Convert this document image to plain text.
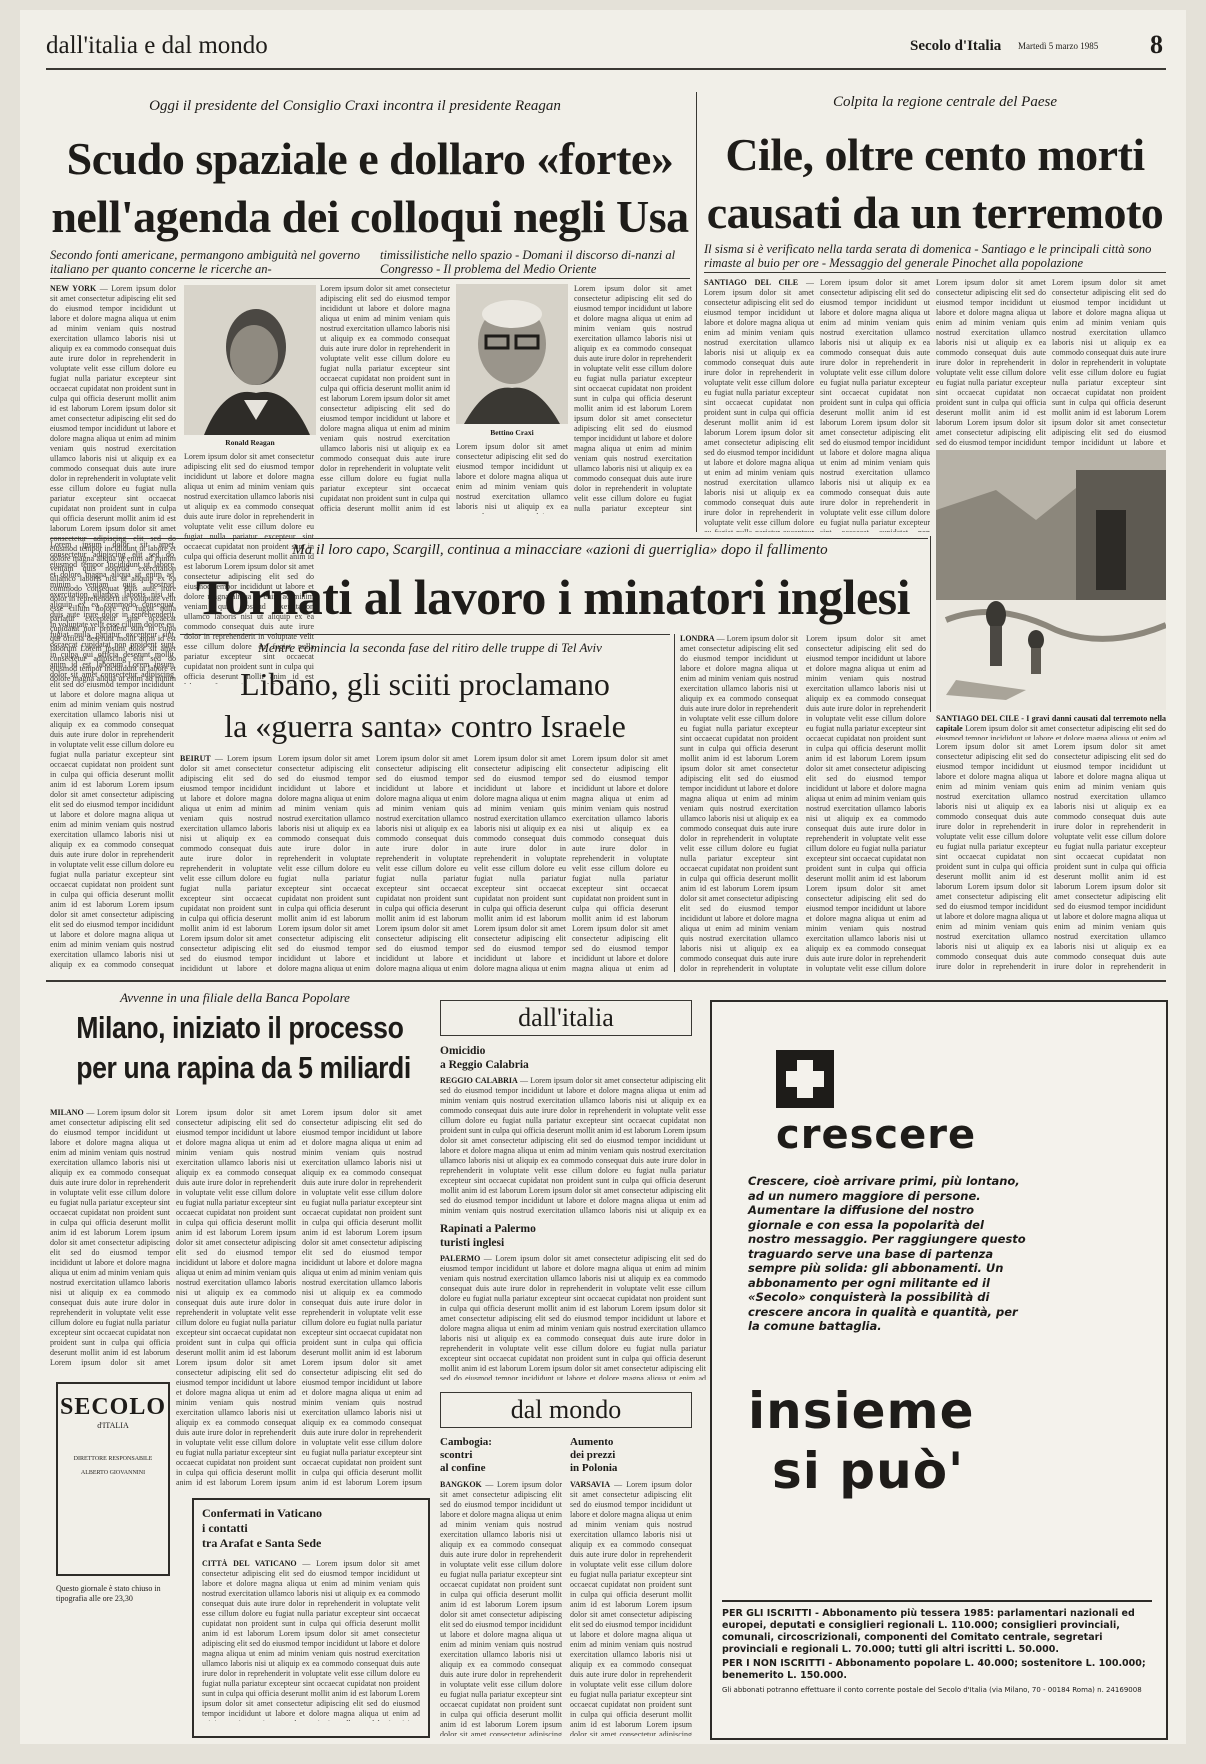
dall'italia e dal mondo	Secolo d'Italia Martedì 5 marzo 1985 8
Oggi il presidente del Consiglio Craxi incontra il presidente Reagan
Scudo spaziale e dollaro «forte»
nell'agenda dei colloqui negli Usa
Secondo fonti americane, permangono ambiguità nel governo italiano per quanto concerne le ricerche an-
timissilistiche nello spazio - Domani il discorso di-nanzi al Congresso - Il problema del Medio Oriente
NEW YORK — Lorem ipsum dolor sit amet consectetur adipiscing elit sed do eiusmod tempor incididunt ut labore et dolore magna aliqua ut enim ad minim veniam quis nostrud exercitation ullamco laboris nisi ut aliquip ex ea commodo consequat duis aute irure dolor in reprehenderit in voluptate velit esse cillum dolore eu fugiat nulla pariatur excepteur sint occaecat cupidatat non proident sunt in culpa qui officia deserunt mollit anim id est laborum Lorem ipsum dolor sit amet consectetur adipiscing elit sed do eiusmod tempor incididunt ut labore et dolore magna aliqua ut enim ad minim veniam quis nostrud exercitation ullamco laboris nisi ut aliquip ex ea commodo consequat duis aute irure dolor in reprehenderit in voluptate velit esse cillum dolore eu fugiat nulla pariatur excepteur sint occaecat cupidatat non proident sunt in culpa qui officia deserunt mollit anim id est laborum Lorem ipsum dolor sit amet consectetur adipiscing elit sed do eiusmod tempor incididunt ut labore et dolore magna aliqua ut enim ad minim veniam quis nostrud exercitation ullamco laboris nisi ut aliquip ex ea commodo consequat duis aute irure dolor in reprehenderit in voluptate velit esse cillum dolore eu fugiat nulla pariatur excepteur sint occaecat cupidatat non proident sunt in culpa qui officia deserunt mollit anim id est laborum Lorem ipsum dolor sit amet consectetur adipiscing elit sed do eiusmod tempor incididunt ut labore et dolore magna aliqua ut enim ad minim veniam quis nostrud exercitation ullamco laboris nisi ut aliquip ex ea commodo consequat duis aute irure dolor in reprehenderit in voluptate velit esse cillum dolore eu fugiat nulla pariatur excepteur sint occaecat cupidatat non proident sunt in culpa qui officia deserunt mollit anim id est laborum Lorem ipsum dolor sit amet consectetur adipiscing elit sed do eiusmod tempor incididunt ut labore et dolore magna aliqua ut enim ad minim veniam quis nostrud exercitation ullamco laboris nisi ut aliquip ex ea commodo consequat duis aute irure dolor in reprehenderit in voluptate velit esse cillum dolore eu fugiat nulla pariatur excepteur sint occaecat cupidatat non proident sunt in culpa qui officia deserunt mollit anim id est laborum Lorem ipsum dolor sit amet consectetur adipiscing elit sed do eiusmod tempor incididunt ut labore et dolore magna aliqua ut enim ad minim veniam quis nostrud exercitation ullamco laboris nisi ut aliquip ex ea commodo consequat duis aute irure dolor in reprehenderit in voluptate velit esse cillum dolore eu fugiat nulla pariatur excepteur sint occaecat cupidatat non proident sunt in culpa qui officia deserunt mollit anim id est laborum
Ronald Reagan
Lorem ipsum dolor sit amet consectetur adipiscing elit sed do eiusmod tempor incididunt ut labore et dolore magna aliqua ut enim ad minim veniam quis nostrud exercitation ullamco laboris nisi ut aliquip ex ea commodo consequat duis aute irure dolor in reprehenderit in voluptate velit esse cillum dolore eu fugiat nulla pariatur excepteur sint occaecat cupidatat non proident sunt in culpa qui officia deserunt mollit anim id est laborum Lorem ipsum dolor sit amet consectetur adipiscing elit sed do eiusmod tempor incididunt ut labore et dolore magna aliqua ut enim ad minim veniam quis nostrud exercitation ullamco laboris nisi ut aliquip ex ea commodo consequat duis aute irure dolor in reprehenderit in voluptate velit esse cillum dolore eu fugiat nulla pariatur excepteur sint occaecat cupidatat non proident sunt in culpa qui officia deserunt mollit anim id est laborum Lorem ipsum dolor sit amet consectetur adipiscing elit sed do eiusmod tempor incididunt ut labore et dolore magna aliqua ut enim ad minim veniam quis nostrud exercitation ullamco laboris nisi ut aliquip ex ea commodo consequat duis aute irure dolor in reprehenderit in voluptate velit esse cillum dolore eu fugiat nulla pariatur excepteur sint occaecat cupidatat non proident sunt in culpa qui officia deserunt mollit anim id est laborum Lorem ipsum dolor sit amet consectetur adipiscing elit sed do eiusmod tempor incididunt ut labore et dolore magna aliqua ut enim ad minim veniam quis nostrud exercitation ullamco laboris nisi ut aliquip ex ea commodo consequat duis aute irure dolor in reprehenderit in voluptate velit esse cillum dolore eu fugiat nulla pariatur excepteur sint occaecat cupidatat non proident sunt in culpa qui officia deserunt mollit anim id est laborum Lorem ipsum dolor sit amet consectetur adipiscing elit sed do eiusmod tempor incididunt ut labore et dolore magna aliqua ut enim ad minim veniam quis nostrud exercitation ullamco laboris nisi ut aliquip ex ea commodo consequat duis aute irure dolor in reprehenderit in voluptate velit esse cillum dolore eu fugiat nulla pariatur excepteur sint occaecat cupidatat non proident sunt in culpa qui officia deserunt mollit anim id est laborum Lorem ipsum dolor sit amet consectetur adipiscing elit sed do eiusmod tempor incididunt ut labore et dolore magna aliqua ut enim ad minim veniam quis nostrud exercitation ullamco laboris nisi ut aliquip ex ea commodo consequat duis aute irure dolor in reprehenderit in voluptate velit esse cillum dolore eu fugiat nulla pariatur excepteur sint occaecat cupidatat non proident sunt in culpa qui officia deserunt mollit anim id est laborum
Lorem ipsum dolor sit amet consectetur adipiscing elit sed do eiusmod tempor incididunt ut labore et dolore magna aliqua ut enim ad minim veniam quis nostrud exercitation ullamco laboris nisi ut aliquip ex ea commodo consequat duis aute irure dolor in reprehenderit in voluptate velit esse cillum dolore eu fugiat nulla pariatur excepteur sint occaecat cupidatat non proident sunt in culpa qui officia deserunt mollit anim id est laborum Lorem ipsum dolor sit amet consectetur adipiscing elit sed do eiusmod tempor incididunt ut labore et dolore magna aliqua ut enim ad minim veniam quis nostrud exercitation ullamco laboris nisi ut aliquip ex ea commodo consequat duis aute irure dolor in reprehenderit in voluptate velit esse cillum dolore eu fugiat nulla pariatur excepteur sint occaecat cupidatat non proident sunt in culpa qui officia deserunt mollit anim id est laborum Lorem ipsum dolor sit amet consectetur adipiscing elit sed do eiusmod tempor incididunt ut labore et dolore magna aliqua ut enim ad minim veniam quis nostrud exercitation ullamco laboris nisi ut aliquip ex ea commodo consequat duis aute irure dolor in reprehenderit in voluptate velit esse cillum dolore eu fugiat nulla pariatur excepteur sint occaecat cupidatat non proident sunt in culpa qui officia deserunt mollit anim id est laborum Lorem ipsum dolor sit amet consectetur adipiscing elit sed do eiusmod tempor incididunt ut labore et dolore magna aliqua ut enim ad minim veniam quis nostrud exercitation ullamco laboris nisi ut aliquip ex ea commodo consequat duis aute irure dolor in reprehenderit in voluptate velit esse cillum dolore eu fugiat nulla pariatur excepteur sint occaecat cupidatat non proident sunt in culpa qui officia deserunt mollit anim id est laborum Lorem ipsum dolor sit amet consectetur adipiscing elit sed do eiusmod tempor incididunt ut labore et dolore magna aliqua ut enim ad minim veniam quis nostrud exercitation ullamco laboris nisi ut aliquip ex ea commodo consequat duis aute irure dolor in reprehenderit in voluptate velit esse cillum dolore eu fugiat nulla pariatur excepteur sint occaecat cupidatat non proident sunt in culpa qui officia deserunt mollit anim id est laborum Lorem ipsum dolor sit amet consectetur adipiscing elit sed do eiusmod tempor incididunt ut labore et dolore magna aliqua ut enim ad minim veniam quis nostrud exercitation ullamco laboris nisi ut aliquip ex ea commodo consequat duis aute irure dolor in reprehenderit in voluptate velit esse cillum dolore eu fugiat nulla pariatur excepteur sint occaecat cupidatat non proident sunt in culpa qui officia deserunt mollit anim id est laborum
Bettino Craxi
Lorem ipsum dolor sit amet consectetur adipiscing elit sed do eiusmod tempor incididunt ut labore et dolore magna aliqua ut enim ad minim veniam quis nostrud exercitation ullamco laboris nisi ut aliquip ex ea commodo consequat duis aute irure dolor in reprehenderit in voluptate velit esse cillum dolore eu fugiat nulla pariatur excepteur sint occaecat cupidatat non proident sunt in culpa qui officia deserunt mollit anim id est laborum Lorem ipsum dolor sit amet consectetur adipiscing elit sed do eiusmod tempor incididunt ut labore et dolore magna aliqua ut enim ad minim veniam quis nostrud exercitation ullamco laboris nisi ut aliquip ex ea commodo consequat duis aute irure dolor in reprehenderit in voluptate velit esse cillum dolore eu fugiat nulla pariatur excepteur sint occaecat cupidatat non proident sunt in culpa qui officia deserunt mollit anim id est laborum Lorem ipsum dolor sit amet consectetur adipiscing elit sed do eiusmod tempor incididunt ut labore et dolore magna aliqua ut enim ad minim veniam quis nostrud exercitation ullamco laboris nisi ut aliquip ex ea commodo consequat duis aute irure dolor in reprehenderit in voluptate velit esse cillum dolore eu fugiat nulla pariatur excepteur sint occaecat cupidatat non proident sunt in culpa qui officia deserunt mollit anim id est laborum Lorem ipsum dolor sit amet consectetur adipiscing elit sed do eiusmod tempor incididunt ut labore et dolore magna aliqua ut enim ad minim veniam quis nostrud exercitation ullamco laboris nisi ut aliquip ex ea commodo consequat duis aute irure dolor in reprehenderit in voluptate velit esse cillum dolore eu fugiat nulla pariatur excepteur sint occaecat cupidatat non proident sunt in culpa qui officia deserunt mollit anim id est laborum Lorem ipsum dolor sit amet consectetur adipiscing elit sed do eiusmod tempor incididunt ut labore et dolore magna aliqua ut enim ad minim veniam quis nostrud exercitation ullamco laboris nisi ut aliquip ex ea commodo consequat duis aute irure dolor in reprehenderit in voluptate velit esse cillum dolore eu fugiat nulla pariatur excepteur sint occaecat cupidatat non proident sunt in culpa qui officia deserunt mollit anim id est laborum Lorem ipsum dolor sit amet consectetur adipiscing elit sed do eiusmod tempor incididunt ut labore et dolore magna aliqua ut enim ad minim veniam quis nostrud exercitation ullamco laboris nisi ut aliquip ex ea commodo consequat duis aute irure dolor in reprehenderit in voluptate velit esse cillum dolore eu fugiat nulla pariatur excepteur sint occaecat cupidatat non proident sunt in culpa qui officia deserunt mollit anim id est laborum
Lorem ipsum dolor sit amet consectetur adipiscing elit sed do eiusmod tempor incididunt ut labore et dolore magna aliqua ut enim ad minim veniam quis nostrud exercitation ullamco laboris nisi ut aliquip ex ea commodo consequat duis aute irure dolor in reprehenderit in voluptate velit esse cillum dolore eu fugiat nulla pariatur excepteur sint occaecat cupidatat non proident sunt in culpa qui officia deserunt mollit anim id est laborum Lorem ipsum dolor sit amet consectetur adipiscing elit sed do eiusmod tempor incididunt ut labore et dolore magna aliqua ut enim ad minim veniam quis nostrud exercitation ullamco laboris nisi ut aliquip ex ea commodo consequat duis aute irure dolor in reprehenderit in voluptate velit esse cillum dolore eu fugiat nulla pariatur excepteur sint occaecat cupidatat non proident sunt in culpa qui officia deserunt mollit anim id est laborum Lorem ipsum dolor sit amet consectetur adipiscing elit sed do eiusmod tempor incididunt ut labore et dolore magna aliqua ut enim ad minim veniam quis nostrud exercitation ullamco laboris nisi ut aliquip ex ea commodo consequat duis aute irure dolor in reprehenderit in voluptate velit esse cillum dolore eu fugiat nulla pariatur excepteur sint occaecat cupidatat non proident sunt in culpa qui officia deserunt mollit anim id est laborum Lorem ipsum dolor sit amet consectetur adipiscing elit sed do eiusmod tempor incididunt ut labore et dolore magna aliqua ut enim ad minim veniam quis nostrud exercitation ullamco laboris nisi ut aliquip ex ea commodo consequat duis aute irure dolor in reprehenderit in voluptate velit esse cillum dolore eu fugiat nulla pariatur excepteur sint occaecat cupidatat non proident sunt in culpa qui officia deserunt mollit anim id est laborum Lorem ipsum dolor sit amet consectetur adipiscing elit sed do eiusmod tempor incididunt ut labore et dolore magna aliqua ut enim ad minim veniam quis nostrud exercitation ullamco laboris nisi ut aliquip ex ea commodo consequat duis aute irure dolor in reprehenderit in voluptate velit esse cillum dolore eu fugiat nulla pariatur excepteur sint occaecat cupidatat non proident sunt in culpa qui officia deserunt mollit anim id est laborum Lorem ipsum dolor sit amet consectetur adipiscing elit sed do eiusmod tempor incididunt ut labore et dolore magna aliqua ut enim ad minim veniam quis nostrud exercitation ullamco laboris nisi ut aliquip ex ea commodo consequat duis aute irure dolor in reprehenderit in voluptate velit esse cillum dolore eu fugiat nulla pariatur excepteur sint occaecat cupidatat non proident sunt in culpa qui officia deserunt mollit anim id est laborum
Colpita la regione centrale del Paese
Cile, oltre cento morti
causati da un terremoto
Il sisma si è verificato nella tarda serata di domenica - Santiago e le principali città sono rimaste al buio per ore - Messaggio del generale Pinochet alla popolazione
SANTIAGO DEL CILE — Lorem ipsum dolor sit amet consectetur adipiscing elit sed do eiusmod tempor incididunt ut labore et dolore magna aliqua ut enim ad minim veniam quis nostrud exercitation ullamco laboris nisi ut aliquip ex ea commodo consequat duis aute irure dolor in reprehenderit in voluptate velit esse cillum dolore eu fugiat nulla pariatur excepteur sint occaecat cupidatat non proident sunt in culpa qui officia deserunt mollit anim id est laborum Lorem ipsum dolor sit amet consectetur adipiscing elit sed do eiusmod tempor incididunt ut labore et dolore magna aliqua ut enim ad minim veniam quis nostrud exercitation ullamco laboris nisi ut aliquip ex ea commodo consequat duis aute irure dolor in reprehenderit in voluptate velit esse cillum dolore eu fugiat nulla pariatur excepteur sint occaecat cupidatat non proident sunt in culpa qui officia deserunt mollit anim id est laborum Lorem ipsum dolor sit amet consectetur adipiscing elit sed do eiusmod tempor incididunt ut labore et dolore magna aliqua ut enim ad minim veniam quis nostrud exercitation ullamco laboris nisi ut aliquip ex ea commodo consequat duis aute irure dolor in reprehenderit in voluptate velit esse cillum dolore eu fugiat nulla pariatur excepteur sint occaecat cupidatat non proident sunt in culpa qui officia deserunt mollit anim id est laborum Lorem ipsum dolor sit amet consectetur adipiscing elit sed do eiusmod tempor incididunt ut labore et dolore magna aliqua ut enim ad minim veniam quis nostrud exercitation ullamco laboris nisi ut aliquip ex ea commodo consequat duis aute irure dolor in reprehenderit in voluptate velit esse cillum dolore eu fugiat nulla pariatur excepteur sint occaecat cupidatat non proident sunt in culpa qui officia deserunt mollit anim id est laborum Lorem ipsum dolor sit amet consectetur adipiscing elit sed do eiusmod tempor incididunt ut labore et dolore magna aliqua ut enim ad minim veniam quis nostrud exercitation ullamco laboris nisi ut aliquip ex ea commodo consequat duis aute irure dolor in reprehenderit in voluptate velit esse cillum dolore eu fugiat nulla pariatur excepteur sint occaecat cupidatat non proident sunt in culpa qui officia deserunt mollit anim id est laborum Lorem ipsum dolor sit amet consectetur adipiscing elit sed do eiusmod tempor incididunt ut labore et dolore magna aliqua ut enim ad minim veniam quis nostrud exercitation ullamco laboris nisi ut aliquip ex ea commodo consequat duis aute irure dolor in reprehenderit in voluptate velit esse cillum dolore eu fugiat nulla pariatur excepteur sint occaecat cupidatat non proident sunt in culpa qui officia deserunt mollit anim id est laborum
Lorem ipsum dolor sit amet consectetur adipiscing elit sed do eiusmod tempor incididunt ut labore et dolore magna aliqua ut enim ad minim veniam quis nostrud exercitation ullamco laboris nisi ut aliquip ex ea commodo consequat duis aute irure dolor in reprehenderit in voluptate velit esse cillum dolore eu fugiat nulla pariatur excepteur sint occaecat cupidatat non proident sunt in culpa qui officia deserunt mollit anim id est laborum Lorem ipsum dolor sit amet consectetur adipiscing elit sed do eiusmod tempor incididunt ut labore et dolore magna aliqua ut enim ad minim veniam quis nostrud exercitation ullamco laboris nisi ut aliquip ex ea commodo consequat duis aute irure dolor in reprehenderit in voluptate velit esse cillum dolore eu fugiat nulla pariatur excepteur sint occaecat cupidatat non proident sunt in culpa qui officia deserunt mollit anim id est laborum Lorem ipsum dolor sit amet consectetur adipiscing elit sed do eiusmod tempor incididunt ut labore et dolore magna aliqua ut enim ad minim veniam quis nostrud exercitation ullamco laboris nisi ut aliquip ex ea commodo consequat duis aute irure dolor in reprehenderit in voluptate velit esse cillum dolore eu fugiat nulla pariatur excepteur sint occaecat cupidatat non proident sunt in culpa qui officia deserunt mollit anim id est laborum Lorem ipsum dolor sit amet consectetur adipiscing elit sed do eiusmod tempor incididunt ut labore et dolore magna aliqua ut enim ad minim veniam quis nostrud exercitation ullamco laboris nisi ut aliquip ex ea commodo consequat duis aute irure dolor in reprehenderit in voluptate velit esse cillum dolore eu fugiat nulla pariatur excepteur sint occaecat cupidatat non proident sunt in culpa qui officia deserunt mollit anim id est laborum Lorem ipsum dolor sit amet consectetur adipiscing elit sed do eiusmod tempor incididunt ut labore et dolore magna aliqua ut enim ad minim veniam quis nostrud exercitation ullamco laboris nisi ut aliquip ex ea commodo consequat duis aute irure dolor in reprehenderit in voluptate velit esse cillum dolore eu fugiat nulla pariatur excepteur sint occaecat cupidatat non proident sunt in culpa qui officia deserunt mollit anim id est laborum Lorem ipsum dolor sit amet consectetur adipiscing elit sed do eiusmod tempor incididunt ut labore et dolore magna aliqua ut enim ad minim veniam quis nostrud exercitation ullamco laboris nisi ut aliquip ex ea commodo consequat duis aute irure dolor in reprehenderit in voluptate velit esse cillum dolore eu fugiat nulla pariatur excepteur sint occaecat cupidatat non proident sunt in culpa qui officia deserunt mollit anim id est laborum
Lorem ipsum dolor sit amet consectetur adipiscing elit sed do eiusmod tempor incididunt ut labore et dolore magna aliqua ut enim ad minim veniam quis nostrud exercitation ullamco laboris nisi ut aliquip ex ea commodo consequat duis aute irure dolor in reprehenderit in voluptate velit esse cillum dolore eu fugiat nulla pariatur excepteur sint occaecat cupidatat non proident sunt in culpa qui officia deserunt mollit anim id est laborum Lorem ipsum dolor sit amet consectetur adipiscing elit sed do eiusmod tempor incididunt ut labore et dolore magna aliqua ut enim ad minim veniam quis nostrud exercitation ullamco laboris nisi ut aliquip ex ea commodo consequat duis aute irure dolor in reprehenderit in voluptate velit esse cillum dolore eu fugiat nulla pariatur excepteur sint occaecat cupidatat non proident sunt in culpa qui officia deserunt mollit anim id est laborum Lorem ipsum dolor sit amet consectetur adipiscing elit sed do eiusmod tempor incididunt ut labore et dolore magna aliqua ut enim ad minim veniam quis nostrud exercitation ullamco laboris nisi ut aliquip ex ea commodo consequat duis aute irure dolor in reprehenderit in voluptate velit esse cillum dolore eu fugiat nulla pariatur excepteur sint occaecat cupidatat non proident sunt in culpa qui officia deserunt mollit anim id est laborum Lorem ipsum dolor sit amet consectetur adipiscing elit sed do eiusmod tempor incididunt ut labore et dolore magna aliqua ut enim ad minim veniam quis nostrud exercitation ullamco laboris nisi ut aliquip ex ea commodo consequat duis aute irure dolor in reprehenderit in voluptate velit esse cillum dolore eu fugiat nulla pariatur excepteur sint occaecat cupidatat non proident sunt in culpa qui officia deserunt mollit anim id est laborum Lorem ipsum dolor sit amet consectetur adipiscing elit sed do eiusmod tempor incididunt ut labore et dolore magna aliqua ut enim ad minim veniam quis nostrud exercitation ullamco laboris nisi ut aliquip ex ea commodo consequat duis aute irure dolor in reprehenderit in voluptate velit esse cillum dolore eu fugiat nulla pariatur excepteur sint occaecat cupidatat non proident sunt in culpa qui officia deserunt mollit anim id est laborum Lorem ipsum dolor sit amet consectetur adipiscing elit sed do eiusmod tempor incididunt ut labore et dolore magna aliqua ut enim ad minim veniam quis nostrud exercitation ullamco laboris nisi ut aliquip ex ea commodo consequat duis aute irure dolor in reprehenderit in voluptate velit esse cillum dolore eu fugiat nulla pariatur excepteur sint occaecat cupidatat non proident sunt in culpa qui officia deserunt mollit anim id est laborum
Lorem ipsum dolor sit amet consectetur adipiscing elit sed do eiusmod tempor incididunt ut labore et dolore magna aliqua ut enim ad minim veniam quis nostrud exercitation ullamco laboris nisi ut aliquip ex ea commodo consequat duis aute irure dolor in reprehenderit in voluptate velit esse cillum dolore eu fugiat nulla pariatur excepteur sint occaecat cupidatat non proident sunt in culpa qui officia deserunt mollit anim id est laborum Lorem ipsum dolor sit amet consectetur adipiscing elit sed do eiusmod tempor incididunt ut labore et dolore magna aliqua ut enim ad minim veniam quis nostrud exercitation ullamco laboris nisi ut aliquip ex ea commodo consequat duis aute irure dolor in reprehenderit in voluptate velit esse cillum dolore eu fugiat nulla pariatur excepteur sint occaecat cupidatat non proident sunt in culpa qui officia deserunt mollit anim id est laborum Lorem ipsum dolor sit amet consectetur adipiscing elit sed do eiusmod tempor incididunt ut labore et dolore magna aliqua ut enim ad minim veniam quis nostrud exercitation ullamco laboris nisi ut aliquip ex ea commodo consequat duis aute irure dolor in reprehenderit in voluptate velit esse cillum dolore eu fugiat nulla pariatur excepteur sint occaecat cupidatat non proident sunt in culpa qui officia deserunt mollit anim id est laborum Lorem ipsum dolor sit amet consectetur adipiscing elit sed do eiusmod tempor incididunt ut labore et dolore magna aliqua ut enim ad minim veniam quis nostrud exercitation ullamco laboris nisi ut aliquip ex ea commodo consequat duis aute irure dolor in reprehenderit in voluptate velit esse cillum dolore eu fugiat nulla pariatur excepteur sint occaecat cupidatat non proident sunt in culpa qui officia deserunt mollit anim id est laborum Lorem ipsum dolor sit amet consectetur adipiscing elit sed do eiusmod tempor incididunt ut labore et dolore magna aliqua ut enim ad minim veniam quis nostrud exercitation ullamco laboris nisi ut aliquip ex ea commodo consequat duis aute irure dolor in reprehenderit in voluptate velit esse cillum dolore eu fugiat nulla pariatur excepteur sint occaecat cupidatat non proident sunt in culpa qui officia deserunt mollit anim id est laborum Lorem ipsum dolor sit amet consectetur adipiscing elit sed do eiusmod tempor incididunt ut labore et dolore magna aliqua ut enim ad minim veniam quis nostrud exercitation ullamco laboris nisi ut aliquip ex ea commodo consequat duis aute irure dolor in reprehenderit in voluptate velit esse cillum dolore eu fugiat nulla pariatur excepteur sint occaecat cupidatat non proident sunt in culpa qui officia deserunt mollit anim id est laborum
SANTIAGO DEL CILE - I gravi danni causati dal terremoto nella capitale Lorem ipsum dolor sit amet consectetur adipiscing elit sed do eiusmod tempor incididunt ut labore et dolore magna aliqua ut enim ad minim veniam quis nostrud exercitation ullamco laboris nisi ut aliquip ex ea commodo consequat duis aute irure dolor in reprehenderit in voluptate velit esse cillum dolore eu fugiat nulla pariatur excepteur sint occaecat cupidatat non proident sunt in culpa qui officia deserunt mollit anim id est laborum Lorem ipsum dolor sit amet consectetur adipiscing elit sed do eiusmod tempor incididunt ut labore et dolore magna aliqua ut enim ad minim veniam quis nostrud exercitation ullamco laboris nisi ut aliquip ex ea commodo consequat duis aute irure dolor in reprehenderit in voluptate velit esse cillum dolore eu fugiat nulla pariatur excepteur sint occaecat cupidatat non proident sunt in culpa qui officia deserunt mollit anim id est laborum Lorem ipsum dolor sit amet consectetur adipiscing elit sed do eiusmod tempor incididunt ut labore et dolore magna aliqua ut enim ad minim veniam quis nostrud exercitation ullamco laboris nisi ut aliquip ex ea commodo consequat duis aute irure dolor in reprehenderit in voluptate velit esse cillum dolore eu fugiat nulla pariatur excepteur sint occaecat cupidatat non proident sunt in culpa qui officia deserunt mollit anim id est laborum Lorem ipsum dolor sit amet consectetur adipiscing elit sed do eiusmod tempor incididunt ut labore et dolore magna aliqua ut enim ad minim veniam quis nostrud exercitation ullamco laboris nisi ut aliquip ex ea commodo consequat duis aute irure dolor in reprehenderit in voluptate velit esse cillum dolore eu fugiat nulla pariatur excepteur sint occaecat cupidatat non proident sunt in culpa qui officia deserunt mollit anim id est laborum Lorem ipsum dolor sit amet consectetur adipiscing elit sed do eiusmod tempor incididunt ut labore et dolore magna aliqua ut enim ad minim veniam quis nostrud exercitation ullamco laboris nisi ut aliquip ex ea commodo consequat duis aute irure dolor in reprehenderit in voluptate velit esse cillum dolore eu fugiat nulla pariatur excepteur sint occaecat cupidatat non proident sunt in culpa qui officia deserunt mollit anim id est laborum Lorem ipsum dolor sit amet consectetur adipiscing elit sed do eiusmod tempor incididunt ut labore et dolore magna aliqua ut enim ad minim veniam quis nostrud exercitation ullamco laboris nisi ut aliquip ex ea commodo consequat duis aute irure dolor in reprehenderit in voluptate velit esse cillum dolore eu fugiat nulla pariatur excepteur sint occaecat cupidatat non proident sunt in culpa qui officia deserunt mollit anim id est laborum
Lorem ipsum dolor sit amet consectetur adipiscing elit sed do eiusmod tempor incididunt ut labore et dolore magna aliqua ut enim ad minim veniam quis nostrud exercitation ullamco laboris nisi ut aliquip ex ea commodo consequat duis aute irure dolor in reprehenderit in voluptate velit esse cillum dolore eu fugiat nulla pariatur excepteur sint occaecat cupidatat non proident sunt in culpa qui officia deserunt mollit anim id est laborum Lorem ipsum dolor sit amet consectetur adipiscing elit sed do eiusmod tempor incididunt ut labore et dolore magna aliqua ut enim ad minim veniam quis nostrud exercitation ullamco laboris nisi ut aliquip ex ea commodo consequat duis aute irure dolor in reprehenderit in voluptate velit esse cillum dolore eu fugiat nulla pariatur excepteur sint occaecat cupidatat non proident sunt in culpa qui officia deserunt mollit anim id est laborum Lorem ipsum dolor sit amet consectetur adipiscing elit sed do eiusmod tempor incididunt ut labore et dolore magna aliqua ut enim ad minim veniam quis nostrud exercitation ullamco laboris nisi ut aliquip ex ea commodo consequat duis aute irure dolor in reprehenderit in voluptate velit esse cillum dolore eu fugiat nulla pariatur excepteur sint occaecat cupidatat non proident sunt in culpa qui officia deserunt mollit anim id est laborum Lorem ipsum dolor sit amet consectetur adipiscing elit sed do eiusmod tempor incididunt ut labore et dolore magna aliqua ut enim ad minim veniam quis nostrud exercitation ullamco laboris nisi ut aliquip ex ea commodo consequat duis aute irure dolor in reprehenderit in voluptate velit esse cillum dolore eu fugiat nulla pariatur excepteur sint occaecat cupidatat non proident sunt in culpa qui officia deserunt mollit anim id est laborum Lorem ipsum dolor sit amet consectetur adipiscing elit sed do eiusmod tempor incididunt ut labore et dolore magna aliqua ut enim ad minim veniam quis nostrud exercitation ullamco laboris nisi ut aliquip ex ea commodo consequat duis aute irure dolor in reprehenderit in voluptate velit esse cillum dolore eu fugiat nulla pariatur excepteur sint occaecat cupidatat non proident sunt in culpa qui officia deserunt mollit anim id est laborum Lorem ipsum dolor sit amet consectetur adipiscing elit sed do eiusmod tempor incididunt ut labore et dolore magna aliqua ut enim ad minim veniam quis nostrud exercitation ullamco laboris nisi ut aliquip ex ea commodo consequat duis aute irure dolor in reprehenderit in voluptate velit esse cillum dolore eu fugiat nulla pariatur excepteur sint occaecat cupidatat non proident sunt in culpa qui officia deserunt mollit anim id est laborum
Lorem ipsum dolor sit amet consectetur adipiscing elit sed do eiusmod tempor incididunt ut labore et dolore magna aliqua ut enim ad minim veniam quis nostrud exercitation ullamco laboris nisi ut aliquip ex ea commodo consequat duis aute irure dolor in reprehenderit in voluptate velit esse cillum dolore eu fugiat nulla pariatur excepteur sint occaecat cupidatat non proident sunt in culpa qui officia deserunt mollit anim id est laborum Lorem ipsum dolor sit amet consectetur adipiscing elit sed do eiusmod tempor incididunt ut labore et dolore magna aliqua ut enim ad minim veniam quis nostrud exercitation ullamco laboris nisi ut aliquip ex ea commodo consequat duis aute irure dolor in reprehenderit in voluptate velit esse cillum dolore eu fugiat nulla pariatur excepteur sint occaecat cupidatat non proident sunt in culpa qui officia deserunt mollit anim id est laborum Lorem ipsum dolor sit amet consectetur adipiscing elit sed do eiusmod tempor incididunt ut labore et dolore magna aliqua ut enim ad minim veniam quis nostrud exercitation ullamco laboris nisi ut aliquip ex ea commodo consequat duis aute irure dolor in reprehenderit in voluptate velit esse cillum dolore eu fugiat nulla pariatur excepteur sint occaecat cupidatat non proident sunt in culpa qui officia deserunt mollit anim id est laborum Lorem ipsum dolor sit amet consectetur adipiscing elit sed do eiusmod tempor incididunt ut labore et dolore magna aliqua ut enim ad minim veniam quis nostrud exercitation ullamco laboris nisi ut aliquip ex ea commodo consequat duis aute irure dolor in reprehenderit in voluptate velit esse cillum dolore eu fugiat nulla pariatur excepteur sint occaecat cupidatat non proident sunt in culpa qui officia deserunt mollit anim id est laborum Lorem ipsum dolor sit amet consectetur adipiscing elit sed do eiusmod tempor incididunt ut labore et dolore magna aliqua ut enim ad minim veniam quis nostrud exercitation ullamco laboris nisi ut aliquip ex ea commodo consequat duis aute irure dolor in reprehenderit in voluptate velit esse cillum dolore eu fugiat nulla pariatur excepteur sint occaecat cupidatat non proident sunt in culpa qui officia deserunt mollit anim id est laborum Lorem ipsum dolor sit amet consectetur adipiscing elit sed do eiusmod tempor incididunt ut labore et dolore magna aliqua ut enim ad minim veniam quis nostrud exercitation ullamco laboris nisi ut aliquip ex ea commodo consequat duis aute irure dolor in reprehenderit in voluptate velit esse cillum dolore eu fugiat nulla pariatur excepteur sint occaecat cupidatat non proident sunt in culpa qui officia deserunt mollit anim id est laborum
Ma il loro capo, Scargill, continua a minacciare «azioni di guerriglia» dopo il fallimento
Tornati al lavoro i minatori inglesi
Lorem ipsum dolor sit amet consectetur adipiscing elit sed do eiusmod tempor incididunt ut labore et dolore magna aliqua ut enim ad minim veniam quis nostrud exercitation ullamco laboris nisi ut aliquip ex ea commodo consequat duis aute irure dolor in reprehenderit in voluptate velit esse cillum dolore eu fugiat nulla pariatur excepteur sint occaecat cupidatat non proident sunt in culpa qui officia deserunt mollit anim id est laborum Lorem ipsum dolor sit amet consectetur adipiscing elit sed do eiusmod tempor incididunt ut labore et dolore magna aliqua ut enim ad minim veniam quis nostrud exercitation ullamco laboris nisi ut aliquip ex ea commodo consequat duis aute irure dolor in reprehenderit in voluptate velit esse cillum dolore eu fugiat nulla pariatur excepteur sint occaecat cupidatat non proident sunt in culpa qui officia deserunt mollit anim id est laborum Lorem ipsum dolor sit amet consectetur adipiscing elit sed do eiusmod tempor incididunt ut labore et dolore magna aliqua ut enim ad minim veniam quis nostrud exercitation ullamco laboris nisi ut aliquip ex ea commodo consequat duis aute irure dolor in reprehenderit in voluptate velit esse cillum dolore eu fugiat nulla pariatur excepteur sint occaecat cupidatat non proident sunt in culpa qui officia deserunt mollit anim id est laborum Lorem ipsum dolor sit amet consectetur adipiscing elit sed do eiusmod tempor incididunt ut labore et dolore magna aliqua ut enim ad minim veniam quis nostrud exercitation ullamco laboris nisi ut aliquip ex ea commodo consequat duis aute irure dolor in reprehenderit in voluptate velit esse cillum dolore eu fugiat nulla pariatur excepteur sint occaecat cupidatat non proident sunt in culpa qui officia deserunt mollit anim id est laborum Lorem ipsum dolor sit amet consectetur adipiscing elit sed do eiusmod tempor incididunt ut labore et dolore magna aliqua ut enim ad minim veniam quis nostrud exercitation ullamco laboris nisi ut aliquip ex ea commodo consequat duis aute irure dolor in reprehenderit in voluptate velit esse cillum dolore eu fugiat nulla pariatur excepteur sint occaecat cupidatat non proident sunt in culpa qui officia deserunt mollit anim id est laborum Lorem ipsum dolor sit amet consectetur adipiscing elit sed do eiusmod tempor incididunt ut labore et dolore magna aliqua ut enim ad minim veniam quis nostrud exercitation ullamco laboris nisi ut aliquip ex ea commodo consequat duis aute irure dolor in reprehenderit in voluptate velit esse cillum dolore eu fugiat nulla pariatur excepteur sint occaecat cupidatat non proident sunt in culpa qui officia deserunt mollit anim id est laborum
Mentre comincia la seconda fase del ritiro delle truppe di Tel Aviv
Libano, gli sciiti proclamano
la «guerra santa» contro Israele
BEIRUT — Lorem ipsum dolor sit amet consectetur adipiscing elit sed do eiusmod tempor incididunt ut labore et dolore magna aliqua ut enim ad minim veniam quis nostrud exercitation ullamco laboris nisi ut aliquip ex ea commodo consequat duis aute irure dolor in reprehenderit in voluptate velit esse cillum dolore eu fugiat nulla pariatur excepteur sint occaecat cupidatat non proident sunt in culpa qui officia deserunt mollit anim id est laborum Lorem ipsum dolor sit amet consectetur adipiscing elit sed do eiusmod tempor incididunt ut labore et dolore magna aliqua ut enim ad minim veniam quis nostrud exercitation ullamco laboris nisi ut aliquip ex ea commodo consequat duis aute irure dolor in reprehenderit in voluptate velit esse cillum dolore eu fugiat nulla pariatur excepteur sint occaecat cupidatat non proident sunt in culpa qui officia deserunt mollit anim id est laborum Lorem ipsum dolor sit amet consectetur adipiscing elit sed do eiusmod tempor incididunt ut labore et dolore magna aliqua ut enim ad minim veniam quis nostrud exercitation ullamco laboris nisi ut aliquip ex ea commodo consequat duis aute irure dolor in reprehenderit in voluptate velit esse cillum dolore eu fugiat nulla pariatur excepteur sint occaecat cupidatat non proident sunt in culpa qui officia deserunt mollit anim id est laborum Lorem ipsum dolor sit amet consectetur adipiscing elit sed do eiusmod tempor incididunt ut labore et dolore magna aliqua ut enim ad minim veniam quis nostrud exercitation ullamco laboris nisi ut aliquip ex ea commodo consequat duis aute irure dolor in reprehenderit in voluptate velit esse cillum dolore eu fugiat nulla pariatur excepteur sint occaecat cupidatat non proident sunt in culpa qui officia deserunt mollit anim id est laborum Lorem ipsum dolor sit amet consectetur adipiscing elit sed do eiusmod tempor incididunt ut labore et dolore magna aliqua ut enim ad minim veniam quis nostrud exercitation ullamco laboris nisi ut aliquip ex ea commodo consequat duis aute irure dolor in reprehenderit in voluptate velit esse cillum dolore eu fugiat nulla pariatur excepteur sint occaecat cupidatat non proident sunt in culpa qui officia deserunt mollit anim id est laborum Lorem ipsum dolor sit amet consectetur adipiscing elit sed do eiusmod tempor incididunt ut labore et dolore magna aliqua ut enim ad minim veniam quis nostrud exercitation ullamco laboris nisi ut aliquip ex ea commodo consequat duis aute irure dolor in reprehenderit in voluptate velit esse cillum dolore eu fugiat nulla pariatur excepteur sint occaecat cupidatat non proident sunt in culpa qui officia deserunt mollit anim id est laborum
Lorem ipsum dolor sit amet consectetur adipiscing elit sed do eiusmod tempor incididunt ut labore et dolore magna aliqua ut enim ad minim veniam quis nostrud exercitation ullamco laboris nisi ut aliquip ex ea commodo consequat duis aute irure dolor in reprehenderit in voluptate velit esse cillum dolore eu fugiat nulla pariatur excepteur sint occaecat cupidatat non proident sunt in culpa qui officia deserunt mollit anim id est laborum Lorem ipsum dolor sit amet consectetur adipiscing elit sed do eiusmod tempor incididunt ut labore et dolore magna aliqua ut enim ad minim veniam quis nostrud exercitation ullamco laboris nisi ut aliquip ex ea commodo consequat duis aute irure dolor in reprehenderit in voluptate velit esse cillum dolore eu fugiat nulla pariatur excepteur sint occaecat cupidatat non proident sunt in culpa qui officia deserunt mollit anim id est laborum Lorem ipsum dolor sit amet consectetur adipiscing elit sed do eiusmod tempor incididunt ut labore et dolore magna aliqua ut enim ad minim veniam quis nostrud exercitation ullamco laboris nisi ut aliquip ex ea commodo consequat duis aute irure dolor in reprehenderit in voluptate velit esse cillum dolore eu fugiat nulla pariatur excepteur sint occaecat cupidatat non proident sunt in culpa qui officia deserunt mollit anim id est laborum Lorem ipsum dolor sit amet consectetur adipiscing elit sed do eiusmod tempor incididunt ut labore et dolore magna aliqua ut enim ad minim veniam quis nostrud exercitation ullamco laboris nisi ut aliquip ex ea commodo consequat duis aute irure dolor in reprehenderit in voluptate velit esse cillum dolore eu fugiat nulla pariatur excepteur sint occaecat cupidatat non proident sunt in culpa qui officia deserunt mollit anim id est laborum Lorem ipsum dolor sit amet consectetur adipiscing elit sed do eiusmod tempor incididunt ut labore et dolore magna aliqua ut enim ad minim veniam quis nostrud exercitation ullamco laboris nisi ut aliquip ex ea commodo consequat duis aute irure dolor in reprehenderit in voluptate velit esse cillum dolore eu fugiat nulla pariatur excepteur sint occaecat cupidatat non proident sunt in culpa qui officia deserunt mollit anim id est laborum Lorem ipsum dolor sit amet consectetur adipiscing elit sed do eiusmod tempor incididunt ut labore et dolore magna aliqua ut enim ad minim veniam quis nostrud exercitation ullamco laboris nisi ut aliquip ex ea commodo consequat duis aute irure dolor in reprehenderit in voluptate velit esse cillum dolore eu fugiat nulla pariatur excepteur sint occaecat cupidatat non proident sunt in culpa qui officia deserunt mollit anim id est laborum
Lorem ipsum dolor sit amet consectetur adipiscing elit sed do eiusmod tempor incididunt ut labore et dolore magna aliqua ut enim ad minim veniam quis nostrud exercitation ullamco laboris nisi ut aliquip ex ea commodo consequat duis aute irure dolor in reprehenderit in voluptate velit esse cillum dolore eu fugiat nulla pariatur excepteur sint occaecat cupidatat non proident sunt in culpa qui officia deserunt mollit anim id est laborum Lorem ipsum dolor sit amet consectetur adipiscing elit sed do eiusmod tempor incididunt ut labore et dolore magna aliqua ut enim ad minim veniam quis nostrud exercitation ullamco laboris nisi ut aliquip ex ea commodo consequat duis aute irure dolor in reprehenderit in voluptate velit esse cillum dolore eu fugiat nulla pariatur excepteur sint occaecat cupidatat non proident sunt in culpa qui officia deserunt mollit anim id est laborum Lorem ipsum dolor sit amet consectetur adipiscing elit sed do eiusmod tempor incididunt ut labore et dolore magna aliqua ut enim ad minim veniam quis nostrud exercitation ullamco laboris nisi ut aliquip ex ea commodo consequat duis aute irure dolor in reprehenderit in voluptate velit esse cillum dolore eu fugiat nulla pariatur excepteur sint occaecat cupidatat non proident sunt in culpa qui officia deserunt mollit anim id est laborum Lorem ipsum dolor sit amet consectetur adipiscing elit sed do eiusmod tempor incididunt ut labore et dolore magna aliqua ut enim ad minim veniam quis nostrud exercitation ullamco laboris nisi ut aliquip ex ea commodo consequat duis aute irure dolor in reprehenderit in voluptate velit esse cillum dolore eu fugiat nulla pariatur excepteur sint occaecat cupidatat non proident sunt in culpa qui officia deserunt mollit anim id est laborum Lorem ipsum dolor sit amet consectetur adipiscing elit sed do eiusmod tempor incididunt ut labore et dolore magna aliqua ut enim ad minim veniam quis nostrud exercitation ullamco laboris nisi ut aliquip ex ea commodo consequat duis aute irure dolor in reprehenderit in voluptate velit esse cillum dolore eu fugiat nulla pariatur excepteur sint occaecat cupidatat non proident sunt in culpa qui officia deserunt mollit anim id est laborum Lorem ipsum dolor sit amet consectetur adipiscing elit sed do eiusmod tempor incididunt ut labore et dolore magna aliqua ut enim ad minim veniam quis nostrud exercitation ullamco laboris nisi ut aliquip ex ea commodo consequat duis aute irure dolor in reprehenderit in voluptate velit esse cillum dolore eu fugiat nulla pariatur excepteur sint occaecat cupidatat non proident sunt in culpa qui officia deserunt mollit anim id est laborum
Lorem ipsum dolor sit amet consectetur adipiscing elit sed do eiusmod tempor incididunt ut labore et dolore magna aliqua ut enim ad minim veniam quis nostrud exercitation ullamco laboris nisi ut aliquip ex ea commodo consequat duis aute irure dolor in reprehenderit in voluptate velit esse cillum dolore eu fugiat nulla pariatur excepteur sint occaecat cupidatat non proident sunt in culpa qui officia deserunt mollit anim id est laborum Lorem ipsum dolor sit amet consectetur adipiscing elit sed do eiusmod tempor incididunt ut labore et dolore magna aliqua ut enim ad minim veniam quis nostrud exercitation ullamco laboris nisi ut aliquip ex ea commodo consequat duis aute irure dolor in reprehenderit in voluptate velit esse cillum dolore eu fugiat nulla pariatur excepteur sint occaecat cupidatat non proident sunt in culpa qui officia deserunt mollit anim id est laborum Lorem ipsum dolor sit amet consectetur adipiscing elit sed do eiusmod tempor incididunt ut labore et dolore magna aliqua ut enim ad minim veniam quis nostrud exercitation ullamco laboris nisi ut aliquip ex ea commodo consequat duis aute irure dolor in reprehenderit in voluptate velit esse cillum dolore eu fugiat nulla pariatur excepteur sint occaecat cupidatat non proident sunt in culpa qui officia deserunt mollit anim id est laborum Lorem ipsum dolor sit amet consectetur adipiscing elit sed do eiusmod tempor incididunt ut labore et dolore magna aliqua ut enim ad minim veniam quis nostrud exercitation ullamco laboris nisi ut aliquip ex ea commodo consequat duis aute irure dolor in reprehenderit in voluptate velit esse cillum dolore eu fugiat nulla pariatur excepteur sint occaecat cupidatat non proident sunt in culpa qui officia deserunt mollit anim id est laborum Lorem ipsum dolor sit amet consectetur adipiscing elit sed do eiusmod tempor incididunt ut labore et dolore magna aliqua ut enim ad minim veniam quis nostrud exercitation ullamco laboris nisi ut aliquip ex ea commodo consequat duis aute irure dolor in reprehenderit in voluptate velit esse cillum dolore eu fugiat nulla pariatur excepteur sint occaecat cupidatat non proident sunt in culpa qui officia deserunt mollit anim id est laborum Lorem ipsum dolor sit amet consectetur adipiscing elit sed do eiusmod tempor incididunt ut labore et dolore magna aliqua ut enim ad minim veniam quis nostrud exercitation ullamco laboris nisi ut aliquip ex ea commodo consequat duis aute irure dolor in reprehenderit in voluptate velit esse cillum dolore eu fugiat nulla pariatur excepteur sint occaecat cupidatat non proident sunt in culpa qui officia deserunt mollit anim id est laborum
Lorem ipsum dolor sit amet consectetur adipiscing elit sed do eiusmod tempor incididunt ut labore et dolore magna aliqua ut enim ad minim veniam quis nostrud exercitation ullamco laboris nisi ut aliquip ex ea commodo consequat duis aute irure dolor in reprehenderit in voluptate velit esse cillum dolore eu fugiat nulla pariatur excepteur sint occaecat cupidatat non proident sunt in culpa qui officia deserunt mollit anim id est laborum Lorem ipsum dolor sit amet consectetur adipiscing elit sed do eiusmod tempor incididunt ut labore et dolore magna aliqua ut enim ad minim veniam quis nostrud exercitation ullamco laboris nisi ut aliquip ex ea commodo consequat duis aute irure dolor in reprehenderit in voluptate velit esse cillum dolore eu fugiat nulla pariatur excepteur sint occaecat cupidatat non proident sunt in culpa qui officia deserunt mollit anim id est laborum Lorem ipsum dolor sit amet consectetur adipiscing elit sed do eiusmod tempor incididunt ut labore et dolore magna aliqua ut enim ad minim veniam quis nostrud exercitation ullamco laboris nisi ut aliquip ex ea commodo consequat duis aute irure dolor in reprehenderit in voluptate velit esse cillum dolore eu fugiat nulla pariatur excepteur sint occaecat cupidatat non proident sunt in culpa qui officia deserunt mollit anim id est laborum Lorem ipsum dolor sit amet consectetur adipiscing elit sed do eiusmod tempor incididunt ut labore et dolore magna aliqua ut enim ad minim veniam quis nostrud exercitation ullamco laboris nisi ut aliquip ex ea commodo consequat duis aute irure dolor in reprehenderit in voluptate velit esse cillum dolore eu fugiat nulla pariatur excepteur sint occaecat cupidatat non proident sunt in culpa qui officia deserunt mollit anim id est laborum Lorem ipsum dolor sit amet consectetur adipiscing elit sed do eiusmod tempor incididunt ut labore et dolore magna aliqua ut enim ad minim veniam quis nostrud exercitation ullamco laboris nisi ut aliquip ex ea commodo consequat duis aute irure dolor in reprehenderit in voluptate velit esse cillum dolore eu fugiat nulla pariatur excepteur sint occaecat cupidatat non proident sunt in culpa qui officia deserunt mollit anim id est laborum Lorem ipsum dolor sit amet consectetur adipiscing elit sed do eiusmod tempor incididunt ut labore et dolore magna aliqua ut enim ad minim veniam quis nostrud exercitation ullamco laboris nisi ut aliquip ex ea commodo consequat duis aute irure dolor in reprehenderit in voluptate velit esse cillum dolore eu fugiat nulla pariatur excepteur sint occaecat cupidatat non proident sunt in culpa qui officia deserunt mollit anim id est laborum
LONDRA — Lorem ipsum dolor sit amet consectetur adipiscing elit sed do eiusmod tempor incididunt ut labore et dolore magna aliqua ut enim ad minim veniam quis nostrud exercitation ullamco laboris nisi ut aliquip ex ea commodo consequat duis aute irure dolor in reprehenderit in voluptate velit esse cillum dolore eu fugiat nulla pariatur excepteur sint occaecat cupidatat non proident sunt in culpa qui officia deserunt mollit anim id est laborum Lorem ipsum dolor sit amet consectetur adipiscing elit sed do eiusmod tempor incididunt ut labore et dolore magna aliqua ut enim ad minim veniam quis nostrud exercitation ullamco laboris nisi ut aliquip ex ea commodo consequat duis aute irure dolor in reprehenderit in voluptate velit esse cillum dolore eu fugiat nulla pariatur excepteur sint occaecat cupidatat non proident sunt in culpa qui officia deserunt mollit anim id est laborum Lorem ipsum dolor sit amet consectetur adipiscing elit sed do eiusmod tempor incididunt ut labore et dolore magna aliqua ut enim ad minim veniam quis nostrud exercitation ullamco laboris nisi ut aliquip ex ea commodo consequat duis aute irure dolor in reprehenderit in voluptate velit esse cillum dolore eu fugiat nulla pariatur excepteur sint occaecat cupidatat non proident sunt in culpa qui officia deserunt mollit anim id est laborum Lorem ipsum dolor sit amet consectetur adipiscing elit sed do eiusmod tempor incididunt ut labore et dolore magna aliqua ut enim ad minim veniam quis nostrud exercitation ullamco laboris nisi ut aliquip ex ea commodo consequat duis aute irure dolor in reprehenderit in voluptate velit esse cillum dolore eu fugiat nulla pariatur excepteur sint occaecat cupidatat non proident sunt in culpa qui officia deserunt mollit anim id est laborum Lorem ipsum dolor sit amet consectetur adipiscing elit sed do eiusmod tempor incididunt ut labore et dolore magna aliqua ut enim ad minim veniam quis nostrud exercitation ullamco laboris nisi ut aliquip ex ea commodo consequat duis aute irure dolor in reprehenderit in voluptate velit esse cillum dolore eu fugiat nulla pariatur excepteur sint occaecat cupidatat non proident sunt in culpa qui officia deserunt mollit anim id est laborum Lorem ipsum dolor sit amet consectetur adipiscing elit sed do eiusmod tempor incididunt ut labore et dolore magna aliqua ut enim ad minim veniam quis nostrud exercitation ullamco laboris nisi ut aliquip ex ea commodo consequat duis aute irure dolor in reprehenderit in voluptate velit esse cillum dolore eu fugiat nulla pariatur excepteur sint occaecat cupidatat non proident sunt in culpa qui officia deserunt mollit anim id est laborum
Lorem ipsum dolor sit amet consectetur adipiscing elit sed do eiusmod tempor incididunt ut labore et dolore magna aliqua ut enim ad minim veniam quis nostrud exercitation ullamco laboris nisi ut aliquip ex ea commodo consequat duis aute irure dolor in reprehenderit in voluptate velit esse cillum dolore eu fugiat nulla pariatur excepteur sint occaecat cupidatat non proident sunt in culpa qui officia deserunt mollit anim id est laborum Lorem ipsum dolor sit amet consectetur adipiscing elit sed do eiusmod tempor incididunt ut labore et dolore magna aliqua ut enim ad minim veniam quis nostrud exercitation ullamco laboris nisi ut aliquip ex ea commodo consequat duis aute irure dolor in reprehenderit in voluptate velit esse cillum dolore eu fugiat nulla pariatur excepteur sint occaecat cupidatat non proident sunt in culpa qui officia deserunt mollit anim id est laborum Lorem ipsum dolor sit amet consectetur adipiscing elit sed do eiusmod tempor incididunt ut labore et dolore magna aliqua ut enim ad minim veniam quis nostrud exercitation ullamco laboris nisi ut aliquip ex ea commodo consequat duis aute irure dolor in reprehenderit in voluptate velit esse cillum dolore eu fugiat nulla pariatur excepteur sint occaecat cupidatat non proident sunt in culpa qui officia deserunt mollit anim id est laborum Lorem ipsum dolor sit amet consectetur adipiscing elit sed do eiusmod tempor incididunt ut labore et dolore magna aliqua ut enim ad minim veniam quis nostrud exercitation ullamco laboris nisi ut aliquip ex ea commodo consequat duis aute irure dolor in reprehenderit in voluptate velit esse cillum dolore eu fugiat nulla pariatur excepteur sint occaecat cupidatat non proident sunt in culpa qui officia deserunt mollit anim id est laborum Lorem ipsum dolor sit amet consectetur adipiscing elit sed do eiusmod tempor incididunt ut labore et dolore magna aliqua ut enim ad minim veniam quis nostrud exercitation ullamco laboris nisi ut aliquip ex ea commodo consequat duis aute irure dolor in reprehenderit in voluptate velit esse cillum dolore eu fugiat nulla pariatur excepteur sint occaecat cupidatat non proident sunt in culpa qui officia deserunt mollit anim id est laborum Lorem ipsum dolor sit amet consectetur adipiscing elit sed do eiusmod tempor incididunt ut labore et dolore magna aliqua ut enim ad minim veniam quis nostrud exercitation ullamco laboris nisi ut aliquip ex ea commodo consequat duis aute irure dolor in reprehenderit in voluptate velit esse cillum dolore eu fugiat nulla pariatur excepteur sint occaecat cupidatat non proident sunt in culpa qui officia deserunt mollit anim id est laborum
Avvenne in una filiale della Banca Popolare
Milano, iniziato il processo
per una rapina da 5 miliardi
MILANO — Lorem ipsum dolor sit amet consectetur adipiscing elit sed do eiusmod tempor incididunt ut labore et dolore magna aliqua ut enim ad minim veniam quis nostrud exercitation ullamco laboris nisi ut aliquip ex ea commodo consequat duis aute irure dolor in reprehenderit in voluptate velit esse cillum dolore eu fugiat nulla pariatur excepteur sint occaecat cupidatat non proident sunt in culpa qui officia deserunt mollit anim id est laborum Lorem ipsum dolor sit amet consectetur adipiscing elit sed do eiusmod tempor incididunt ut labore et dolore magna aliqua ut enim ad minim veniam quis nostrud exercitation ullamco laboris nisi ut aliquip ex ea commodo consequat duis aute irure dolor in reprehenderit in voluptate velit esse cillum dolore eu fugiat nulla pariatur excepteur sint occaecat cupidatat non proident sunt in culpa qui officia deserunt mollit anim id est laborum Lorem ipsum dolor sit amet consectetur adipiscing elit sed do eiusmod tempor incididunt ut labore et dolore magna aliqua ut enim ad minim veniam quis nostrud exercitation ullamco laboris nisi ut aliquip ex ea commodo consequat duis aute irure dolor in reprehenderit in voluptate velit esse cillum dolore eu fugiat nulla pariatur excepteur sint occaecat cupidatat non proident sunt in culpa qui officia deserunt mollit anim id est laborum Lorem ipsum dolor sit amet consectetur adipiscing elit sed do eiusmod tempor incididunt ut labore et dolore magna aliqua ut enim ad minim veniam quis nostrud exercitation ullamco laboris nisi ut aliquip ex ea commodo consequat duis aute irure dolor in reprehenderit in voluptate velit esse cillum dolore eu fugiat nulla pariatur excepteur sint occaecat cupidatat non proident sunt in culpa qui officia deserunt mollit anim id est laborum Lorem ipsum dolor sit amet consectetur adipiscing elit sed do eiusmod tempor incididunt ut labore et dolore magna aliqua ut enim ad minim veniam quis nostrud exercitation ullamco laboris nisi ut aliquip ex ea commodo consequat duis aute irure dolor in reprehenderit in voluptate velit esse cillum dolore eu fugiat nulla pariatur excepteur sint occaecat cupidatat non proident sunt in culpa qui officia deserunt mollit anim id est laborum Lorem ipsum dolor sit amet consectetur adipiscing elit sed do eiusmod tempor incididunt ut labore et dolore magna aliqua ut enim ad minim veniam quis nostrud exercitation ullamco laboris nisi ut aliquip ex ea commodo consequat duis aute irure dolor in reprehenderit in voluptate velit esse cillum dolore eu fugiat nulla pariatur excepteur sint occaecat cupidatat non proident sunt in culpa qui officia deserunt mollit anim id est laborum
Lorem ipsum dolor sit amet consectetur adipiscing elit sed do eiusmod tempor incididunt ut labore et dolore magna aliqua ut enim ad minim veniam quis nostrud exercitation ullamco laboris nisi ut aliquip ex ea commodo consequat duis aute irure dolor in reprehenderit in voluptate velit esse cillum dolore eu fugiat nulla pariatur excepteur sint occaecat cupidatat non proident sunt in culpa qui officia deserunt mollit anim id est laborum Lorem ipsum dolor sit amet consectetur adipiscing elit sed do eiusmod tempor incididunt ut labore et dolore magna aliqua ut enim ad minim veniam quis nostrud exercitation ullamco laboris nisi ut aliquip ex ea commodo consequat duis aute irure dolor in reprehenderit in voluptate velit esse cillum dolore eu fugiat nulla pariatur excepteur sint occaecat cupidatat non proident sunt in culpa qui officia deserunt mollit anim id est laborum Lorem ipsum dolor sit amet consectetur adipiscing elit sed do eiusmod tempor incididunt ut labore et dolore magna aliqua ut enim ad minim veniam quis nostrud exercitation ullamco laboris nisi ut aliquip ex ea commodo consequat duis aute irure dolor in reprehenderit in voluptate velit esse cillum dolore eu fugiat nulla pariatur excepteur sint occaecat cupidatat non proident sunt in culpa qui officia deserunt mollit anim id est laborum Lorem ipsum dolor sit amet consectetur adipiscing elit sed do eiusmod tempor incididunt ut labore et dolore magna aliqua ut enim ad minim veniam quis nostrud exercitation ullamco laboris nisi ut aliquip ex ea commodo consequat duis aute irure dolor in reprehenderit in voluptate velit esse cillum dolore eu fugiat nulla pariatur excepteur sint occaecat cupidatat non proident sunt in culpa qui officia deserunt mollit anim id est laborum Lorem ipsum dolor sit amet consectetur adipiscing elit sed do eiusmod tempor incididunt ut labore et dolore magna aliqua ut enim ad minim veniam quis nostrud exercitation ullamco laboris nisi ut aliquip ex ea commodo consequat duis aute irure dolor in reprehenderit in voluptate velit esse cillum dolore eu fugiat nulla pariatur excepteur sint occaecat cupidatat non proident sunt in culpa qui officia deserunt mollit anim id est laborum Lorem ipsum dolor sit amet consectetur adipiscing elit sed do eiusmod tempor incididunt ut labore et dolore magna aliqua ut enim ad minim veniam quis nostrud exercitation ullamco laboris nisi ut aliquip ex ea commodo consequat duis aute irure dolor in reprehenderit in voluptate velit esse cillum dolore eu fugiat nulla pariatur excepteur sint occaecat cupidatat non proident sunt in culpa qui officia deserunt mollit anim id est laborum
Lorem ipsum dolor sit amet consectetur adipiscing elit sed do eiusmod tempor incididunt ut labore et dolore magna aliqua ut enim ad minim veniam quis nostrud exercitation ullamco laboris nisi ut aliquip ex ea commodo consequat duis aute irure dolor in reprehenderit in voluptate velit esse cillum dolore eu fugiat nulla pariatur excepteur sint occaecat cupidatat non proident sunt in culpa qui officia deserunt mollit anim id est laborum Lorem ipsum dolor sit amet consectetur adipiscing elit sed do eiusmod tempor incididunt ut labore et dolore magna aliqua ut enim ad minim veniam quis nostrud exercitation ullamco laboris nisi ut aliquip ex ea commodo consequat duis aute irure dolor in reprehenderit in voluptate velit esse cillum dolore eu fugiat nulla pariatur excepteur sint occaecat cupidatat non proident sunt in culpa qui officia deserunt mollit anim id est laborum Lorem ipsum dolor sit amet consectetur adipiscing elit sed do eiusmod tempor incididunt ut labore et dolore magna aliqua ut enim ad minim veniam quis nostrud exercitation ullamco laboris nisi ut aliquip ex ea commodo consequat duis aute irure dolor in reprehenderit in voluptate velit esse cillum dolore eu fugiat nulla pariatur excepteur sint occaecat cupidatat non proident sunt in culpa qui officia deserunt mollit anim id est laborum Lorem ipsum dolor sit amet consectetur adipiscing elit sed do eiusmod tempor incididunt ut labore et dolore magna aliqua ut enim ad minim veniam quis nostrud exercitation ullamco laboris nisi ut aliquip ex ea commodo consequat duis aute irure dolor in reprehenderit in voluptate velit esse cillum dolore eu fugiat nulla pariatur excepteur sint occaecat cupidatat non proident sunt in culpa qui officia deserunt mollit anim id est laborum Lorem ipsum dolor sit amet consectetur adipiscing elit sed do eiusmod tempor incididunt ut labore et dolore magna aliqua ut enim ad minim veniam quis nostrud exercitation ullamco laboris nisi ut aliquip ex ea commodo consequat duis aute irure dolor in reprehenderit in voluptate velit esse cillum dolore eu fugiat nulla pariatur excepteur sint occaecat cupidatat non proident sunt in culpa qui officia deserunt mollit anim id est laborum Lorem ipsum dolor sit amet consectetur adipiscing elit sed do eiusmod tempor incididunt ut labore et dolore magna aliqua ut enim ad minim veniam quis nostrud exercitation ullamco laboris nisi ut aliquip ex ea commodo consequat duis aute irure dolor in reprehenderit in voluptate velit esse cillum dolore eu fugiat nulla pariatur excepteur sint occaecat cupidatat non proident sunt in culpa qui officia deserunt mollit anim id est laborum
SECOLO
d'ITALIA
DIRETTORE RESPONSABILE
ALBERTO GIOVANNINI
Questo giornale è stato chiuso in tipografia alle ore 23,30
Confermati in Vaticano
i contatti
tra Arafat e Santa Sede
CITTÀ DEL VATICANO — Lorem ipsum dolor sit amet consectetur adipiscing elit sed do eiusmod tempor incididunt ut labore et dolore magna aliqua ut enim ad minim veniam quis nostrud exercitation ullamco laboris nisi ut aliquip ex ea commodo consequat duis aute irure dolor in reprehenderit in voluptate velit esse cillum dolore eu fugiat nulla pariatur excepteur sint occaecat cupidatat non proident sunt in culpa qui officia deserunt mollit anim id est laborum Lorem ipsum dolor sit amet consectetur adipiscing elit sed do eiusmod tempor incididunt ut labore et dolore magna aliqua ut enim ad minim veniam quis nostrud exercitation ullamco laboris nisi ut aliquip ex ea commodo consequat duis aute irure dolor in reprehenderit in voluptate velit esse cillum dolore eu fugiat nulla pariatur excepteur sint occaecat cupidatat non proident sunt in culpa qui officia deserunt mollit anim id est laborum Lorem ipsum dolor sit amet consectetur adipiscing elit sed do eiusmod tempor incididunt ut labore et dolore magna aliqua ut enim ad minim veniam quis nostrud exercitation ullamco laboris nisi ut aliquip ex ea commodo consequat duis aute irure dolor in reprehenderit in voluptate velit esse cillum dolore eu fugiat nulla pariatur excepteur sint occaecat cupidatat non proident sunt in culpa qui officia deserunt mollit anim id est laborum Lorem ipsum dolor sit amet consectetur adipiscing elit sed do eiusmod tempor incididunt ut labore et dolore magna aliqua ut enim ad minim veniam quis nostrud exercitation ullamco laboris nisi ut aliquip ex ea commodo consequat duis aute irure dolor in reprehenderit in voluptate velit esse cillum dolore eu fugiat nulla pariatur excepteur sint occaecat cupidatat non proident sunt in culpa qui officia deserunt mollit anim id est laborum Lorem ipsum dolor sit amet consectetur adipiscing elit sed do eiusmod tempor incididunt ut labore et dolore magna aliqua ut enim ad minim veniam quis nostrud exercitation ullamco laboris nisi ut aliquip ex ea commodo consequat duis aute irure dolor in reprehenderit in voluptate velit esse cillum dolore eu fugiat nulla pariatur excepteur sint occaecat cupidatat non proident sunt in culpa qui officia deserunt mollit anim id est laborum Lorem ipsum dolor sit amet consectetur adipiscing elit sed do eiusmod tempor incididunt ut labore et dolore magna aliqua ut enim ad minim veniam quis nostrud exercitation ullamco laboris nisi ut aliquip ex ea commodo consequat duis aute irure dolor in reprehenderit in voluptate velit esse cillum dolore eu fugiat nulla pariatur excepteur sint occaecat cupidatat non proident sunt in culpa qui officia deserunt mollit anim id est laborum
dall'italia
Omicidio
a Reggio Calabria
REGGIO CALABRIA — Lorem ipsum dolor sit amet consectetur adipiscing elit sed do eiusmod tempor incididunt ut labore et dolore magna aliqua ut enim ad minim veniam quis nostrud exercitation ullamco laboris nisi ut aliquip ex ea commodo consequat duis aute irure dolor in reprehenderit in voluptate velit esse cillum dolore eu fugiat nulla pariatur excepteur sint occaecat cupidatat non proident sunt in culpa qui officia deserunt mollit anim id est laborum Lorem ipsum dolor sit amet consectetur adipiscing elit sed do eiusmod tempor incididunt ut labore et dolore magna aliqua ut enim ad minim veniam quis nostrud exercitation ullamco laboris nisi ut aliquip ex ea commodo consequat duis aute irure dolor in reprehenderit in voluptate velit esse cillum dolore eu fugiat nulla pariatur excepteur sint occaecat cupidatat non proident sunt in culpa qui officia deserunt mollit anim id est laborum Lorem ipsum dolor sit amet consectetur adipiscing elit sed do eiusmod tempor incididunt ut labore et dolore magna aliqua ut enim ad minim veniam quis nostrud exercitation ullamco laboris nisi ut aliquip ex ea commodo consequat duis aute irure dolor in reprehenderit in voluptate velit esse cillum dolore eu fugiat nulla pariatur excepteur sint occaecat cupidatat non proident sunt in culpa qui officia deserunt mollit anim id est laborum Lorem ipsum dolor sit amet consectetur adipiscing elit sed do eiusmod tempor incididunt ut labore et dolore magna aliqua ut enim ad minim veniam quis nostrud exercitation ullamco laboris nisi ut aliquip ex ea commodo consequat duis aute irure dolor in reprehenderit in voluptate velit esse cillum dolore eu fugiat nulla pariatur excepteur sint occaecat cupidatat non proident sunt in culpa qui officia deserunt mollit anim id est laborum Lorem ipsum dolor sit amet consectetur adipiscing elit sed do eiusmod tempor incididunt ut labore et dolore magna aliqua ut enim ad minim veniam quis nostrud exercitation ullamco laboris nisi ut aliquip ex ea commodo consequat duis aute irure dolor in reprehenderit in voluptate velit esse cillum dolore eu fugiat nulla pariatur excepteur sint occaecat cupidatat non proident sunt in culpa qui officia deserunt mollit anim id est laborum Lorem ipsum dolor sit amet consectetur adipiscing elit sed do eiusmod tempor incididunt ut labore et dolore magna aliqua ut enim ad minim veniam quis nostrud exercitation ullamco laboris nisi ut aliquip ex ea commodo consequat duis aute irure dolor in reprehenderit in voluptate velit esse cillum dolore eu fugiat nulla pariatur excepteur sint occaecat cupidatat non proident sunt in culpa qui officia deserunt mollit anim id est laborum
Rapinati a Palermo
turisti inglesi
PALERMO — Lorem ipsum dolor sit amet consectetur adipiscing elit sed do eiusmod tempor incididunt ut labore et dolore magna aliqua ut enim ad minim veniam quis nostrud exercitation ullamco laboris nisi ut aliquip ex ea commodo consequat duis aute irure dolor in reprehenderit in voluptate velit esse cillum dolore eu fugiat nulla pariatur excepteur sint occaecat cupidatat non proident sunt in culpa qui officia deserunt mollit anim id est laborum Lorem ipsum dolor sit amet consectetur adipiscing elit sed do eiusmod tempor incididunt ut labore et dolore magna aliqua ut enim ad minim veniam quis nostrud exercitation ullamco laboris nisi ut aliquip ex ea commodo consequat duis aute irure dolor in reprehenderit in voluptate velit esse cillum dolore eu fugiat nulla pariatur excepteur sint occaecat cupidatat non proident sunt in culpa qui officia deserunt mollit anim id est laborum Lorem ipsum dolor sit amet consectetur adipiscing elit sed do eiusmod tempor incididunt ut labore et dolore magna aliqua ut enim ad minim veniam quis nostrud exercitation ullamco laboris nisi ut aliquip ex ea commodo consequat duis aute irure dolor in reprehenderit in voluptate velit esse cillum dolore eu fugiat nulla pariatur excepteur sint occaecat cupidatat non proident sunt in culpa qui officia deserunt mollit anim id est laborum Lorem ipsum dolor sit amet consectetur adipiscing elit sed do eiusmod tempor incididunt ut labore et dolore magna aliqua ut enim ad minim veniam quis nostrud exercitation ullamco laboris nisi ut aliquip ex ea commodo consequat duis aute irure dolor in reprehenderit in voluptate velit esse cillum dolore eu fugiat nulla pariatur excepteur sint occaecat cupidatat non proident sunt in culpa qui officia deserunt mollit anim id est laborum Lorem ipsum dolor sit amet consectetur adipiscing elit sed do eiusmod tempor incididunt ut labore et dolore magna aliqua ut enim ad minim veniam quis nostrud exercitation ullamco laboris nisi ut aliquip ex ea commodo consequat duis aute irure dolor in reprehenderit in voluptate velit esse cillum dolore eu fugiat nulla pariatur excepteur sint occaecat cupidatat non proident sunt in culpa qui officia deserunt mollit anim id est laborum Lorem ipsum dolor sit amet consectetur adipiscing elit sed do eiusmod tempor incididunt ut labore et dolore magna aliqua ut enim ad minim veniam quis nostrud exercitation ullamco laboris nisi ut aliquip ex ea commodo consequat duis aute irure dolor in reprehenderit in voluptate velit esse cillum dolore eu fugiat nulla pariatur excepteur sint occaecat cupidatat non proident sunt in culpa qui officia deserunt mollit anim id est laborum
dal mondo
Cambogia:
scontri
al confine
BANGKOK — Lorem ipsum dolor sit amet consectetur adipiscing elit sed do eiusmod tempor incididunt ut labore et dolore magna aliqua ut enim ad minim veniam quis nostrud exercitation ullamco laboris nisi ut aliquip ex ea commodo consequat duis aute irure dolor in reprehenderit in voluptate velit esse cillum dolore eu fugiat nulla pariatur excepteur sint occaecat cupidatat non proident sunt in culpa qui officia deserunt mollit anim id est laborum Lorem ipsum dolor sit amet consectetur adipiscing elit sed do eiusmod tempor incididunt ut labore et dolore magna aliqua ut enim ad minim veniam quis nostrud exercitation ullamco laboris nisi ut aliquip ex ea commodo consequat duis aute irure dolor in reprehenderit in voluptate velit esse cillum dolore eu fugiat nulla pariatur excepteur sint occaecat cupidatat non proident sunt in culpa qui officia deserunt mollit anim id est laborum Lorem ipsum dolor sit amet consectetur adipiscing elit sed do eiusmod tempor incididunt ut labore et dolore magna aliqua ut enim ad minim veniam quis nostrud exercitation ullamco laboris nisi ut aliquip ex ea commodo consequat duis aute irure dolor in reprehenderit in voluptate velit esse cillum dolore eu fugiat nulla pariatur excepteur sint occaecat cupidatat non proident sunt in culpa qui officia deserunt mollit anim id est laborum Lorem ipsum dolor sit amet consectetur adipiscing elit sed do eiusmod tempor incididunt ut labore et dolore magna aliqua ut enim ad minim veniam quis nostrud exercitation ullamco laboris nisi ut aliquip ex ea commodo consequat duis aute irure dolor in reprehenderit in voluptate velit esse cillum dolore eu fugiat nulla pariatur excepteur sint occaecat cupidatat non proident sunt in culpa qui officia deserunt mollit anim id est laborum Lorem ipsum dolor sit amet consectetur adipiscing elit sed do eiusmod tempor incididunt ut labore et dolore magna aliqua ut enim ad minim veniam quis nostrud exercitation ullamco laboris nisi ut aliquip ex ea commodo consequat duis aute irure dolor in reprehenderit in voluptate velit esse cillum dolore eu fugiat nulla pariatur excepteur sint occaecat cupidatat non proident sunt in culpa qui officia deserunt mollit anim id est laborum Lorem ipsum dolor sit amet consectetur adipiscing elit sed do eiusmod tempor incididunt ut labore et dolore magna aliqua ut enim ad minim veniam quis nostrud exercitation ullamco laboris nisi ut aliquip ex ea commodo consequat duis aute irure dolor in reprehenderit in voluptate velit esse cillum dolore eu fugiat nulla pariatur excepteur sint occaecat cupidatat non proident sunt in culpa qui officia deserunt mollit anim id est laborum
Aumento
dei prezzi
in Polonia
VARSAVIA — Lorem ipsum dolor sit amet consectetur adipiscing elit sed do eiusmod tempor incididunt ut labore et dolore magna aliqua ut enim ad minim veniam quis nostrud exercitation ullamco laboris nisi ut aliquip ex ea commodo consequat duis aute irure dolor in reprehenderit in voluptate velit esse cillum dolore eu fugiat nulla pariatur excepteur sint occaecat cupidatat non proident sunt in culpa qui officia deserunt mollit anim id est laborum Lorem ipsum dolor sit amet consectetur adipiscing elit sed do eiusmod tempor incididunt ut labore et dolore magna aliqua ut enim ad minim veniam quis nostrud exercitation ullamco laboris nisi ut aliquip ex ea commodo consequat duis aute irure dolor in reprehenderit in voluptate velit esse cillum dolore eu fugiat nulla pariatur excepteur sint occaecat cupidatat non proident sunt in culpa qui officia deserunt mollit anim id est laborum Lorem ipsum dolor sit amet consectetur adipiscing elit sed do eiusmod tempor incididunt ut labore et dolore magna aliqua ut enim ad minim veniam quis nostrud exercitation ullamco laboris nisi ut aliquip ex ea commodo consequat duis aute irure dolor in reprehenderit in voluptate velit esse cillum dolore eu fugiat nulla pariatur excepteur sint occaecat cupidatat non proident sunt in culpa qui officia deserunt mollit anim id est laborum Lorem ipsum dolor sit amet consectetur adipiscing elit sed do eiusmod tempor incididunt ut labore et dolore magna aliqua ut enim ad minim veniam quis nostrud exercitation ullamco laboris nisi ut aliquip ex ea commodo consequat duis aute irure dolor in reprehenderit in voluptate velit esse cillum dolore eu fugiat nulla pariatur excepteur sint occaecat cupidatat non proident sunt in culpa qui officia deserunt mollit anim id est laborum Lorem ipsum dolor sit amet consectetur adipiscing elit sed do eiusmod tempor incididunt ut labore et dolore magna aliqua ut enim ad minim veniam quis nostrud exercitation ullamco laboris nisi ut aliquip ex ea commodo consequat duis aute irure dolor in reprehenderit in voluptate velit esse cillum dolore eu fugiat nulla pariatur excepteur sint occaecat cupidatat non proident sunt in culpa qui officia deserunt mollit anim id est laborum Lorem ipsum dolor sit amet consectetur adipiscing elit sed do eiusmod tempor incididunt ut labore et dolore magna aliqua ut enim ad minim veniam quis nostrud exercitation ullamco laboris nisi ut aliquip ex ea commodo consequat duis aute irure dolor in reprehenderit in voluptate velit esse cillum dolore eu fugiat nulla pariatur excepteur sint occaecat cupidatat non proident sunt in culpa qui officia deserunt mollit anim id est laborum
crescere
Crescere, cioè arrivare primi, più lontano, ad un numero maggiore di persone. Aumentare la diffusione del nostro giornale e con essa la popolarità del nostro messaggio. Per raggiungere questo traguardo serve una base di partenza sempre più solida: gli abbonamenti. Un abbonamento per ogni militante ed il «Secolo» conquisterà la possibilità di crescere ancora in qualità e quantità, per la comune battaglia.
insieme
si può'
PER GLI ISCRITTI - Abbonamento più tessera 1985: parlamentari nazionali ed europei, deputati e consiglieri regionali L. 110.000; consiglieri provinciali, comunali, circoscrizionali, componenti del Comitato centrale, segretari provinciali e regionali L. 70.000; tutti gli altri iscritti L. 50.000.
PER I NON ISCRITTI - Abbonamento popolare L. 40.000; sostenitore L. 100.000; benemerito L. 150.000.
Gli abbonati potranno effettuare il conto corrente postale del Secolo d'Italia (via Milano, 70 - 00184 Roma) n. 24169008
